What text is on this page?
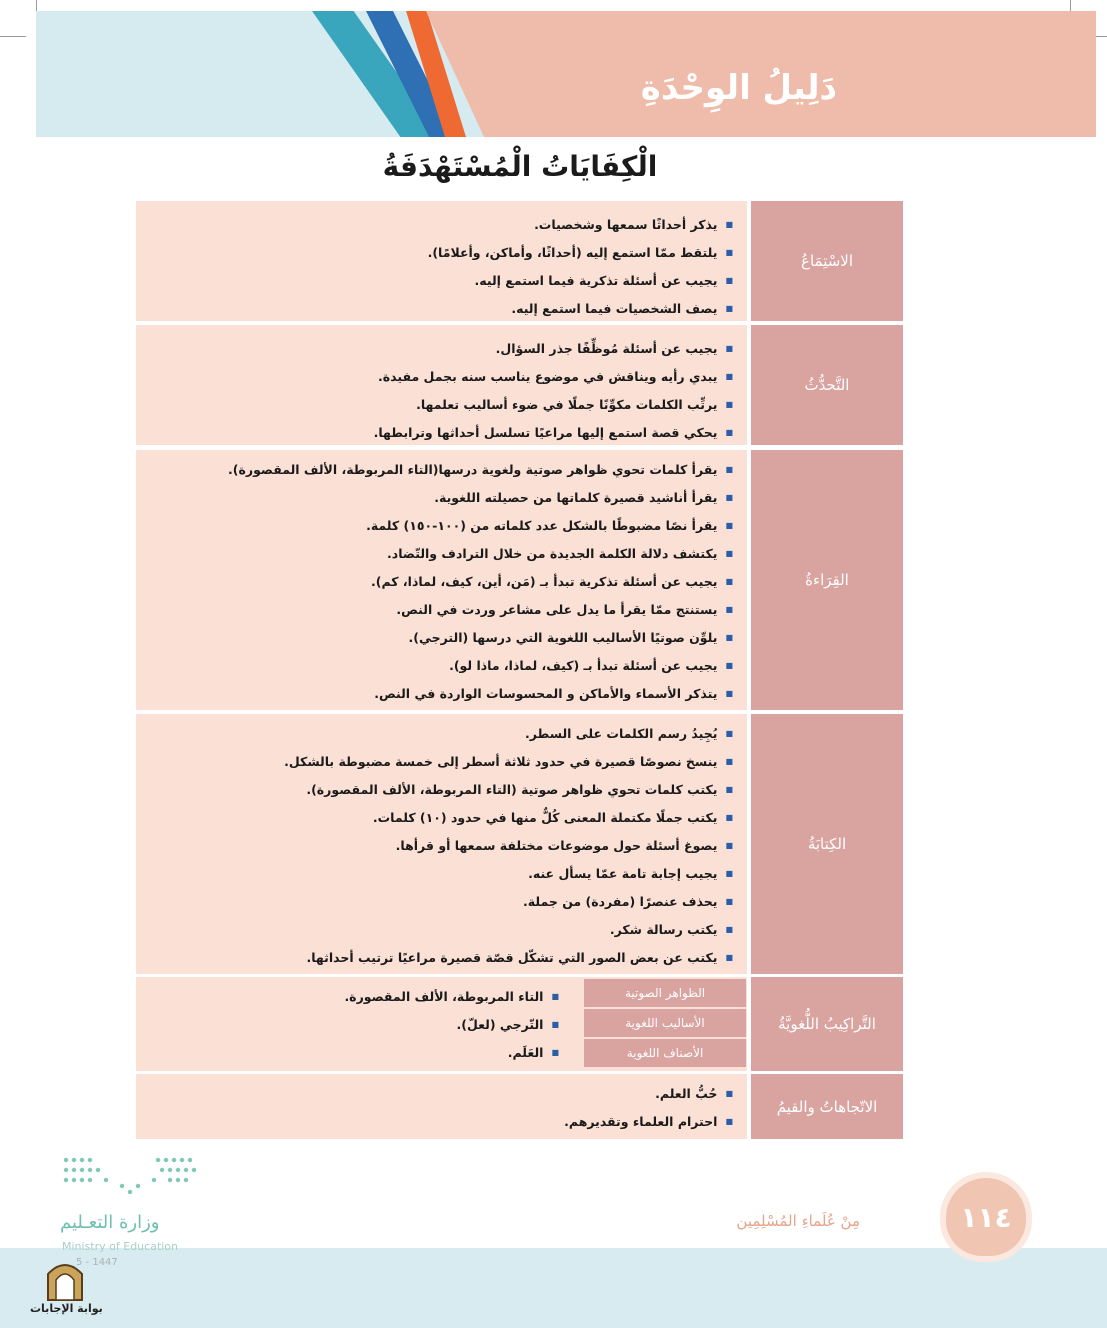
دَلِيلُ الوِحْدَةِ
الْكِفَايَاتُ الْمُسْتَهْدَفَةُ
■ يذكر أحداثًا سمعها وشخصيات.
■ يلتقط ممّا استمع إليه (أحداثًا، وأماكن، وأعلامًا).
■ يجيب عن أسئلة تذكرية فيما استمع إليه.
■ يصف الشخصيات فيما استمع إليه.
الاسْتِمَاعُ
■ يجيب عن أسئلة مُوظِّفًا جذر السؤال.
■ يبدي رأيه ويناقش في موضوع يناسب سنه بجمل مفيدة.
■ يرتِّب الكلمات مكوِّنًا جملًا في ضوء أساليب تعلمها.
■ يحكي قصة استمع إليها مراعيًا تسلسل أحداثها وترابطها.
التَّحدُّثُ
■ يقرأ كلمات تحوي ظواهر صوتية ولغوية درسها(التاء المربوطة، الألف المقصورة).
■ يقرأ أناشيد قصيرة كلماتها من حصيلته اللغوية.
■ يقرأ نصًا مضبوطًا بالشكل عدد كلماته من (١٠٠-١٥٠) كلمة.
■ يكتشف دلالة الكلمة الجديدة من خلال الترادف والتّضاد.
■ يجيب عن أسئلة تذكرية تبدأ بـ (مَن، أين، كيف، لماذا، كم).
■ يستنتج ممّا يقرأ ما يدل على مشاعر وردت في النص.
■ يلوِّن صوتيًا الأساليب اللغوية التي درسها (الترجي).
■ يجيب عن أسئلة تبدأ بـ (كيف، لماذا، ماذا لو).
■ يتذكر الأسماء والأماكن و المحسوسات الواردة في النص.
القِرَاءةُ
■ يُجِيدُ رسم الكلمات على السطر.
■ ينسخ نصوصًا قصيرة في حدود ثلاثة أسطر إلى خمسة مضبوطة بالشكل.
■ يكتب كلمات تحوي ظواهر صوتية (التاء المربوطة، الألف المقصورة).
■ يكتب جملًا مكتملة المعنى كُلٌّ منها في حدود (١٠) كلمات.
■ يصوغ أسئلة حول موضوعات مختلفة سمعها أو قرأها.
■ يجيب إجابة تامة عمّا يسأل عنه.
■ يحذف عنصرًا (مفردة) من جملة.
■ يكتب رسالة شكر.
■ يكتب عن بعض الصور التي تشكّل قصّة قصيرة مراعيًا ترتيب أحداثها.
الكِتابَةُ
■ التاء المربوطة، الألف المقصورة.
■ التّرجي (لعلّ).
■ العَلَم.
الظواهر الصوتية
الأساليب اللغوية
الأصناف اللغوية
التَّراكِيبُ اللُّغويَّةُ
■ حُبُّ العلم.
■ احترام العلماء وتقديرهم.
الاتّجاهاتُ والقيمُ
وزارة التعـليم
Ministry of Education
5 - 1447
مِنْ عُلَماءِ المُسْلِمِين	١١٤
بوابة الإجابات
